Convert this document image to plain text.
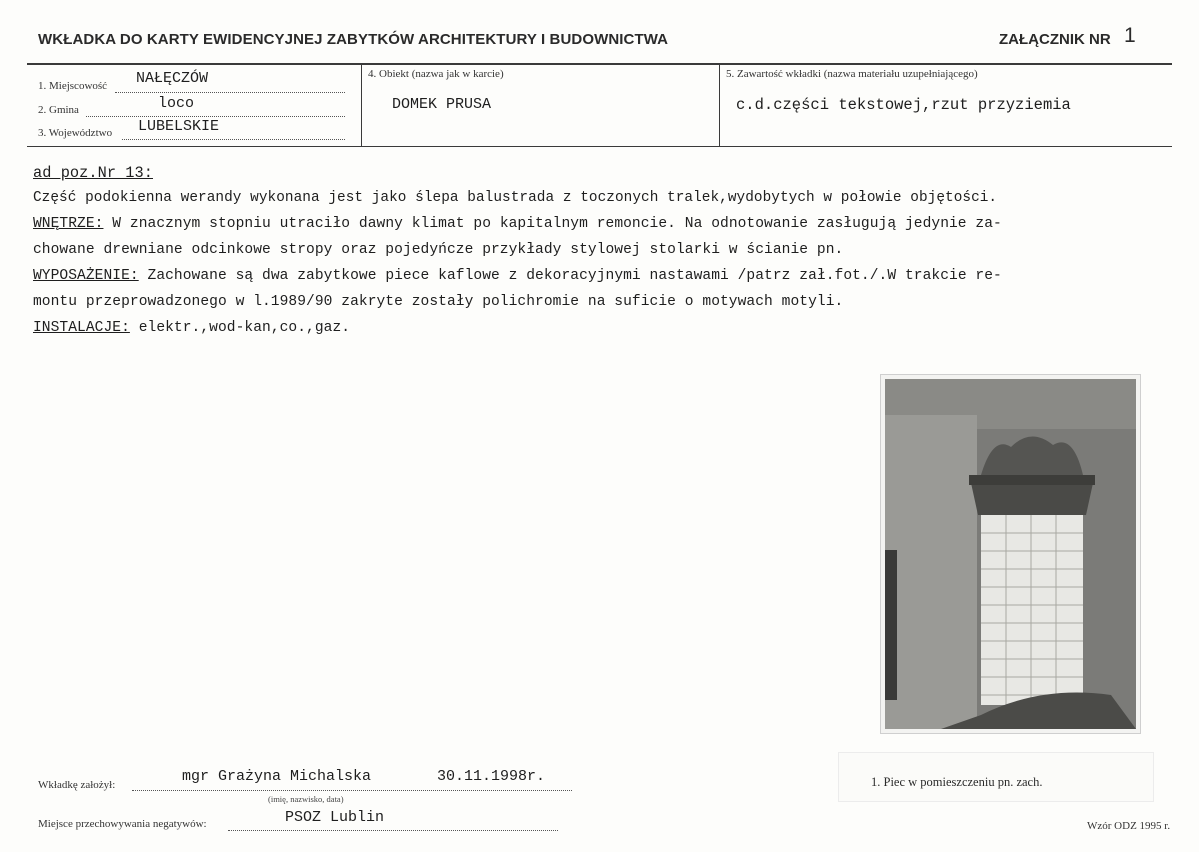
WKŁADKA DO KARTY EWIDENCYJNEJ ZABYTKÓW ARCHITEKTURY I BUDOWNICTWA	ZAŁĄCZNIK NR 1
1. Miejscowość NAŁĘCZÓW
2. Gmina	loco
3. Województwo LUBELSKIE
4. Obiekt (nazwa jak w karcie)
DOMEK PRUSA
5. Zawartość wkładki (nazwa materiału uzupełniającego)
c.d.części tekstowej,rzut przyziemia
ad poz.Nr 13:
Część podokienna werandy wykonana jest jako ślepa balustrada z toczonych tralek,wydobytych w połowie objętości.
WNĘTRZE: W znacznym stopniu utraciło dawny klimat po kapitalnym remoncie. Na odnotowanie zasługują jedynie za-
chowane drewniane odcinkowe stropy oraz pojedyńcze przykłady stylowej stolarki w ścianie pn.
WYPOSAŻENIE: Zachowane są dwa zabytkowe piece kaflowe z dekoracyjnymi nastawami /patrz zał.fot./.W trakcie re-
montu przeprowadzonego w l.1989/90 zakryte zostały polichromie na suficie o motywach motyli.
INSTALACJE: elektr.,wod-kan,co.,gaz.
1. Piec w pomieszczeniu pn. zach.
Wkładkę założył:	mgr Grażyna Michalska	30.11.1998r.
(imię, nazwisko, data)
Miejsce przechowywania negatywów:	PSOZ Lublin	Wzór ODZ 1995 r.
